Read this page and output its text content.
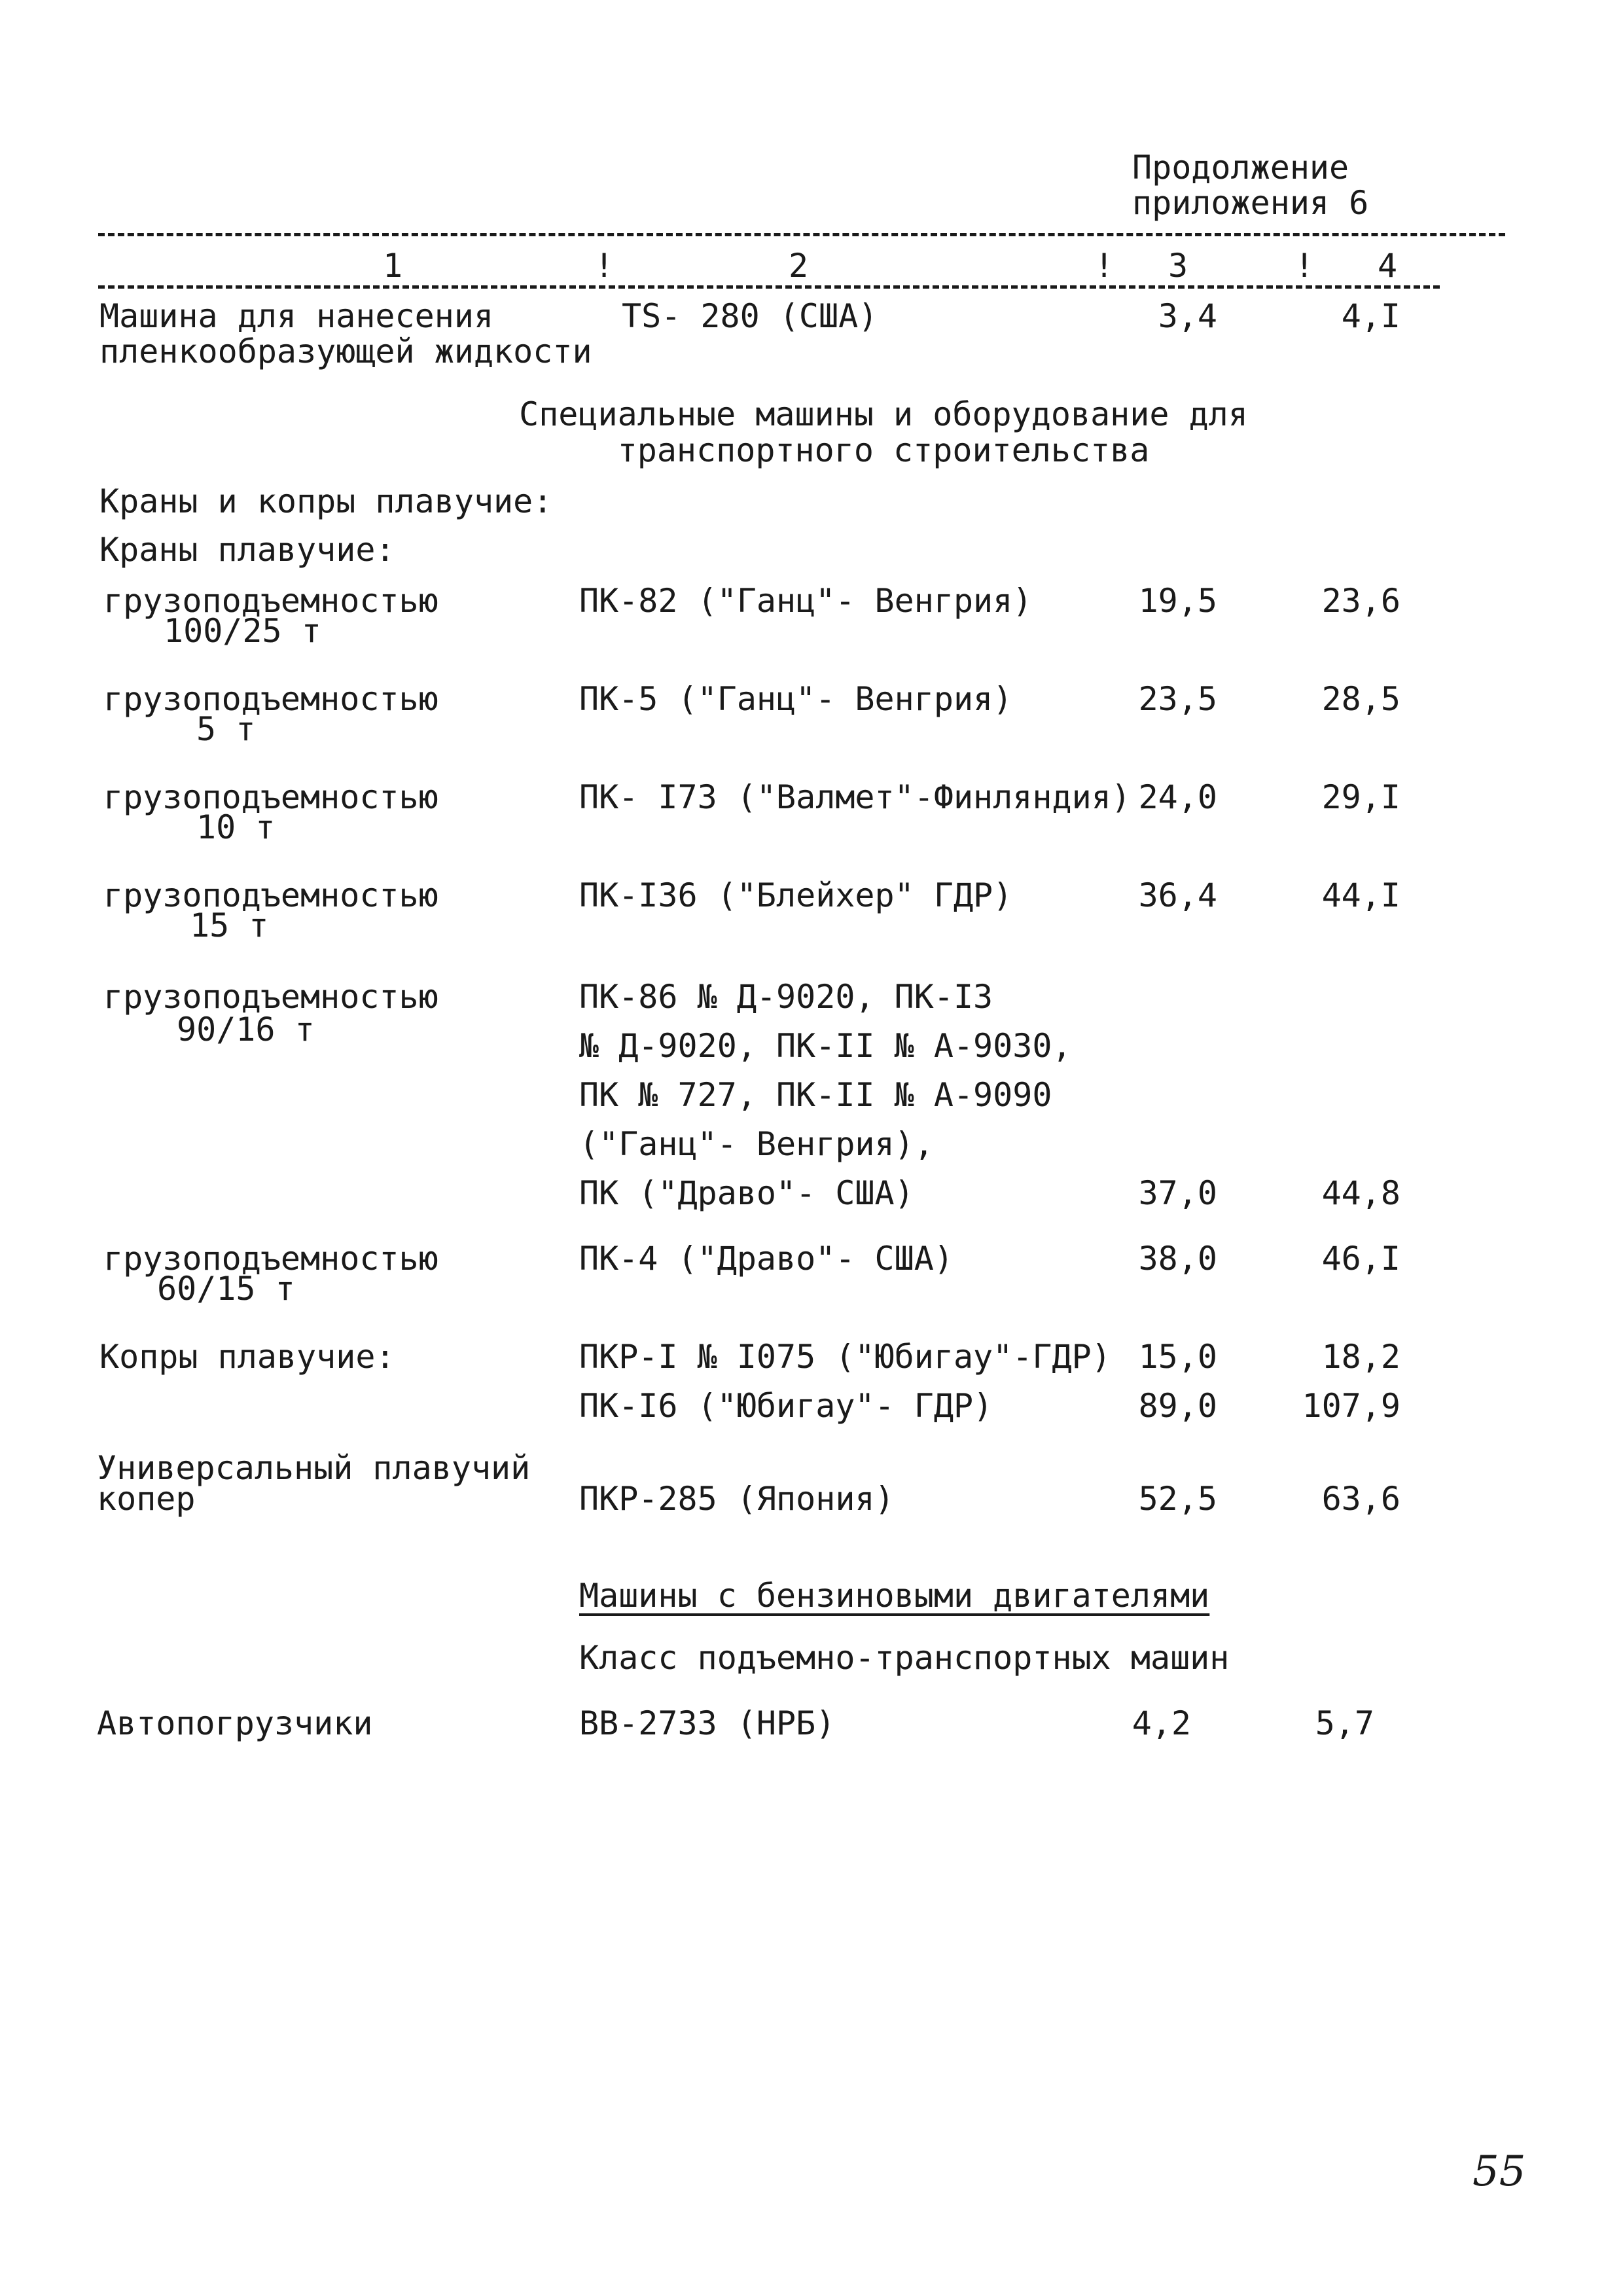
Продолжение
приложения 6
1	!	2	!	3	!	4
Машина для нанесения
пленкообразующей жидкости
TS- 280 (США)	3,4	4,I
Специальные машины и оборудование для
транспортного строительства
Краны и копры плавучие:
Краны плавучие:
грузоподъемностью
100/25 т
ПК-82 ("Ганц"- Венгрия)	19,5	23,6
грузоподъемностью
5 т
ПК-5 ("Ганц"- Венгрия)	23,5	28,5
грузоподъемностью
10 т
ПК- I73 ("Валмет"-Финляндия) 24,0	29,I
грузоподъемностью
15 т
ПК-I36 ("Блейхер" ГДР)	36,4	44,I
грузоподъемностью
90/16 т
ПК-86 № Д-9020, ПК-I3
№ Д-9020, ПК-II № А-9030,
ПК № 727, ПК-II № А-9090
("Ганц"- Венгрия),
ПК ("Драво"- США)	37,0	44,8
грузоподъемностью
60/15 т
ПК-4 ("Драво"- США)	38,0	46,I
Копры плавучие:	ПКР-I № I075 ("Юбигау"-ГДР) 15,0	18,2
ПК-I6 ("Юбигау"- ГДР)	89,0	107,9
Универсальный плавучий
копер	ПКР-285 (Япония)	52,5	63,6
Машины с бензиновыми двигателями
Класс подъемно-транспортных машин
Автопогрузчики	ВВ-2733 (НРБ)	4,2	5,7
55
